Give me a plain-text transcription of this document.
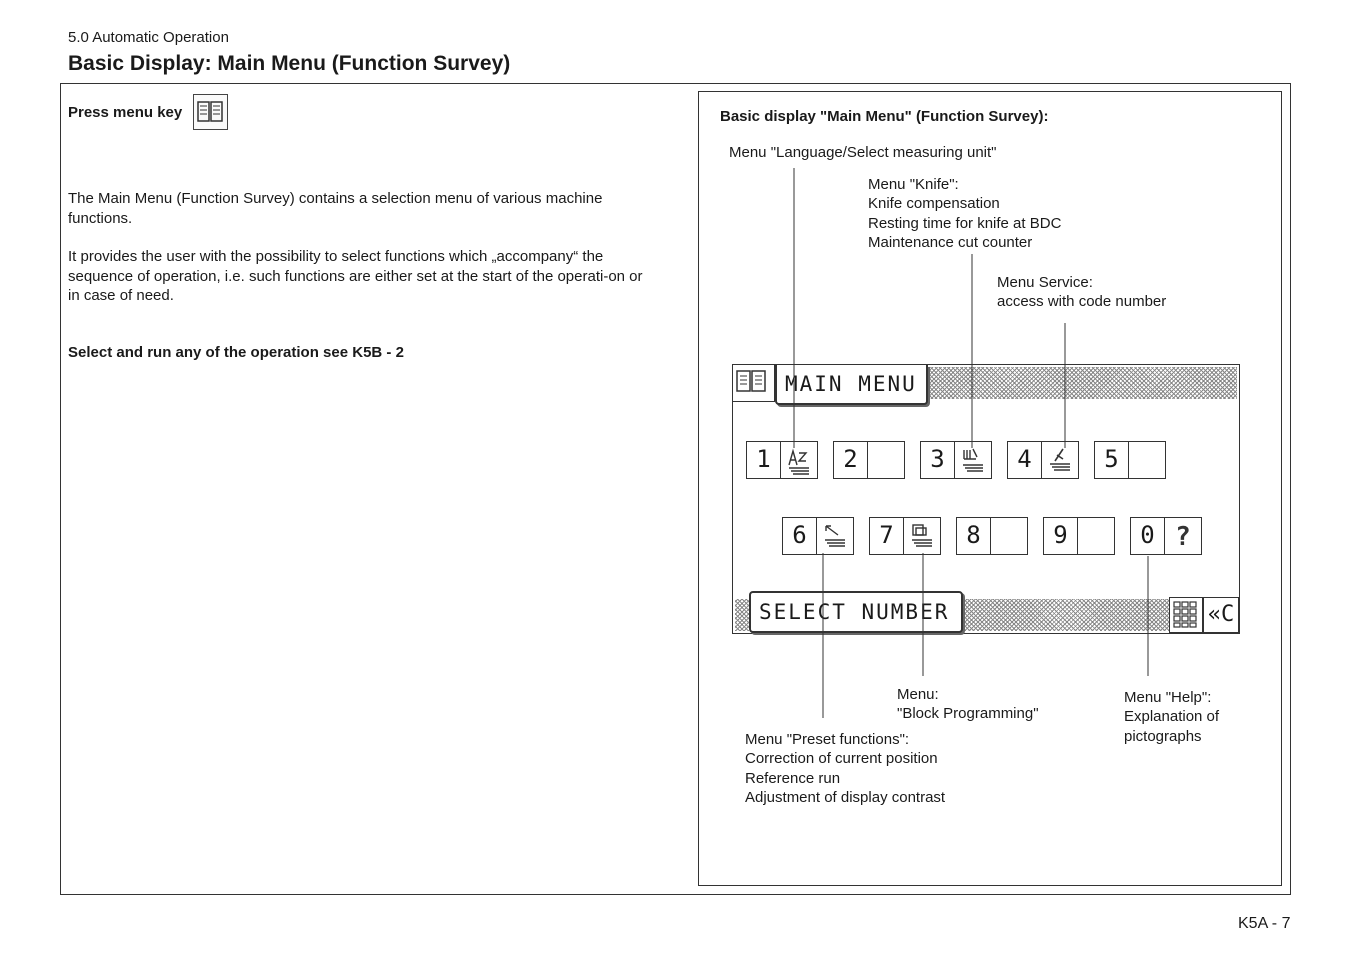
5.0 Automatic Operation
Basic Display: Main Menu (Function Survey)
Press menu key
The Main Menu (Function Survey) contains a selection menu of various machine functions.
It provides the user with the possibility to select functions which „accompany“ the sequence of operation, i.e. such functions are either set at the start of the operati-on or in case of need.
Select and run any of the operation see K5B - 2
Basic display "Main Menu" (Function Survey):
Menu "Language/Select measuring unit"
Menu "Knife":
Knife compensation
Resting time for knife at BDC
Maintenance cut counter
Menu Service:
access with code number
Menu:
"Block Programming"
Menu "Help":
Explanation of
pictographs
Menu "Preset functions":
Correction of current position
Reference run
Adjustment of display contrast
MAIN MENU
SELECT NUMBER	«C
1	2	3	4	5
6	7	8	9	0 ?
K5A - 7
